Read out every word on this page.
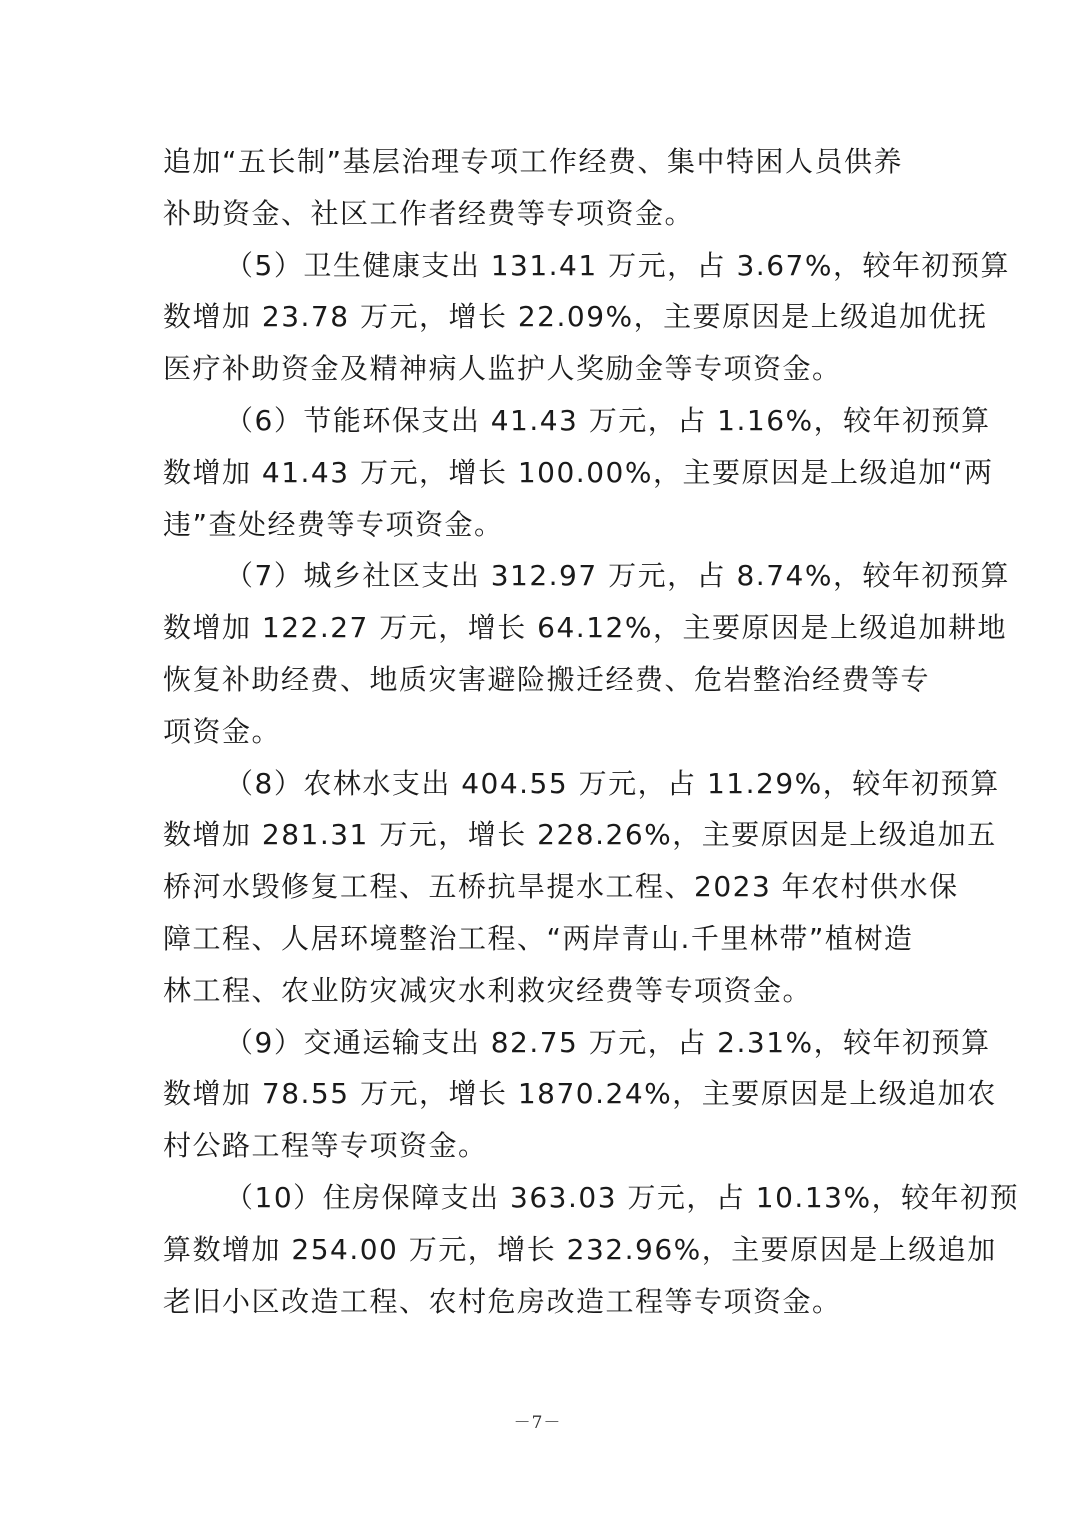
追加“五长制”基层治理专项工作经费、集中特困人员供养
补助资金、社区工作者经费等专项资金。
（5）卫生健康支出 131.41 万元，占 3.67%，较年初预算
数增加 23.78 万元，增长 22.09%，主要原因是上级追加优抚
医疗补助资金及精神病人监护人奖励金等专项资金。
（6）节能环保支出 41.43 万元，占 1.16%，较年初预算
数增加 41.43 万元，增长 100.00%，主要原因是上级追加“两
违”查处经费等专项资金。
（7）城乡社区支出 312.97 万元，占 8.74%，较年初预算
数增加 122.27 万元，增长 64.12%，主要原因是上级追加耕地
恢复补助经费、地质灾害避险搬迁经费、危岩整治经费等专
项资金。
（8）农林水支出 404.55 万元，占 11.29%，较年初预算
数增加 281.31 万元，增长 228.26%，主要原因是上级追加五
桥河水毁修复工程、五桥抗旱提水工程、2023 年农村供水保
障工程、人居环境整治工程、“两岸青山.千里林带”植树造
林工程、农业防灾减灾水利救灾经费等专项资金。
（9）交通运输支出 82.75 万元，占 2.31%，较年初预算
数增加 78.55 万元，增长 1870.24%，主要原因是上级追加农
村公路工程等专项资金。
（10）住房保障支出 363.03 万元，占 10.13%，较年初预
算数增加 254.00 万元，增长 232.96%，主要原因是上级追加
老旧小区改造工程、农村危房改造工程等专项资金。
－7－
